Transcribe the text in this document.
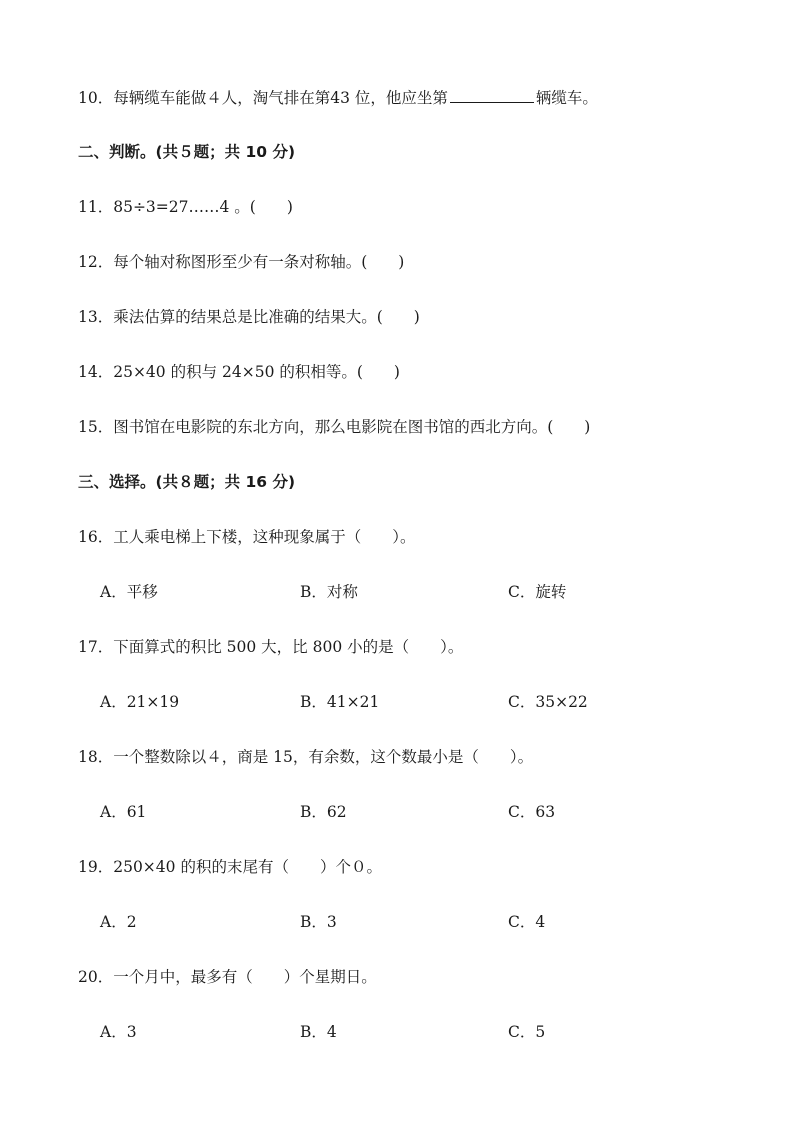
10．每辆缆车能做４人，淘气排在第43 位，他应坐第	辆缆车。
二、判断。(共５题；共 10 分)
11．85÷3=27……4 。(　　)
12．每个轴对称图形至少有一条对称轴。(　　)
13．乘法估算的结果总是比准确的结果大。(　　)
14．25×40 的积与 24×50 的积相等。(　　)
15．图书馆在电影院的东北方向，那么电影院在图书馆的西北方向。(　　)
三、选择。(共８题；共 16 分)
16．工人乘电梯上下楼，这种现象属于（　　）。
A．平移	B．对称	C．旋转
17．下面算式的积比 500 大，比 800 小的是（　　）。
A．21×19	B．41×21	C．35×22
18．一个整数除以４，商是 15，有余数，这个数最小是（　　）。
A．61	B．62	C．63
19．250×40 的积的末尾有（　　）个０。
A．2	B．3	C．4
20．一个月中，最多有（　　）个星期日。
A．3	B．4	C．5
